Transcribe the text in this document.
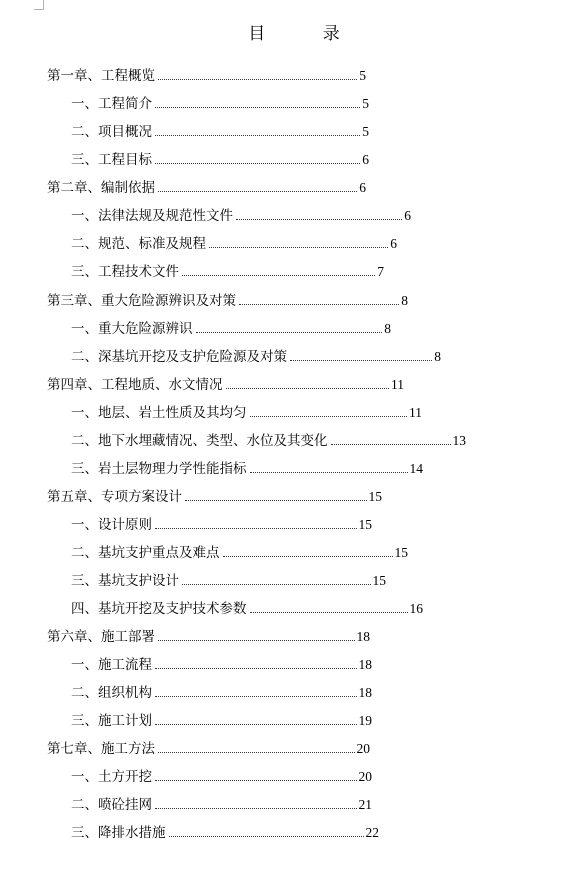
目 录
第一章、工程概览	5
一、工程简介	5
二、项目概况	5
三、工程目标	6
第二章、编制依据	6
一、法律法规及规范性文件	6
二、规范、标准及规程	6
三、工程技术文件	7
第三章、重大危险源辨识及对策	8
一、重大危险源辨识	8
二、深基坑开挖及支护危险源及对策	8
第四章、工程地质、水文情况	11
一、地层、岩土性质及其均匀	11
二、地下水埋藏情况、类型、水位及其变化	13
三、岩土层物理力学性能指标	14
第五章、专项方案设计	15
一、设计原则	15
二、基坑支护重点及难点	15
三、基坑支护设计	15
四、基坑开挖及支护技术参数	16
第六章、施工部署	18
一、施工流程	18
二、组织机构	18
三、施工计划	19
第七章、施工方法	20
一、土方开挖	20
二、喷砼挂网	21
三、降排水措施	22
